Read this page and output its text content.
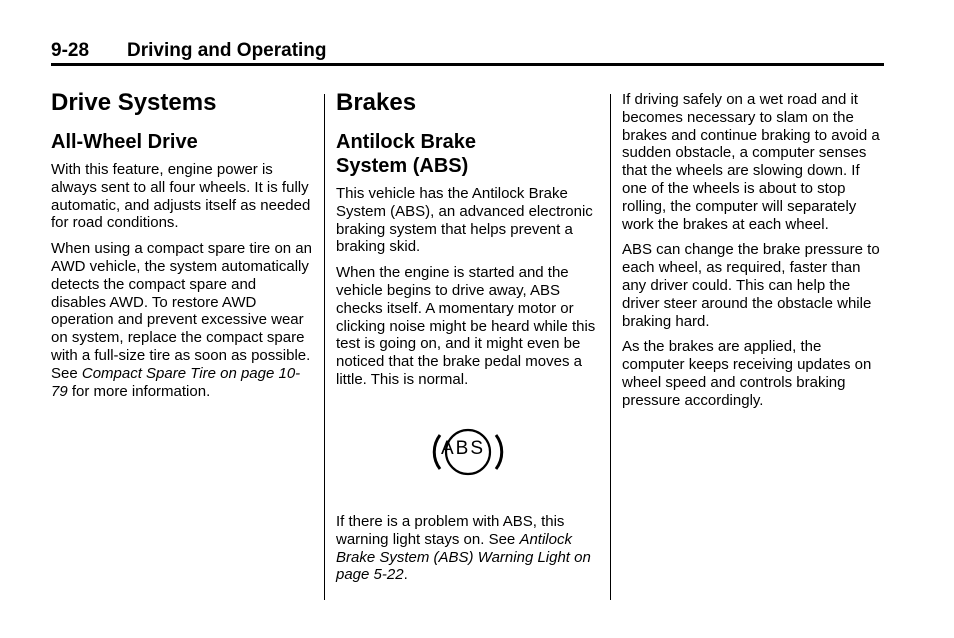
9-28 Driving and Operating
Drive Systems
All-Wheel Drive

With this feature, engine power is always sent to all four wheels. It is fully automatic, and adjusts itself as needed for road conditions.

When using a compact spare tire on an AWD vehicle, the system automatically detects the compact spare and disables AWD. To restore AWD operation and prevent excessive wear on system, replace the compact spare with a full-size tire as soon as possible. See Compact Spare Tire on page 10-79 for more information.

Brakes
Antilock Brake System (ABS)

This vehicle has the Antilock Brake System (ABS), an advanced electronic braking system that helps prevent a braking skid.

When the engine is started and the vehicle begins to drive away, ABS checks itself. A momentary motor or clicking noise might be heard while this test is going on, and it might even be noticed that the brake pedal moves a little. This is normal.

ABS

If there is a problem with ABS, this warning light stays on. See Antilock Brake System (ABS) Warning Light on page 5-22.

If driving safely on a wet road and it becomes necessary to slam on the brakes and continue braking to avoid a sudden obstacle, a computer senses that the wheels are slowing down. If one of the wheels is about to stop rolling, the computer will separately work the brakes at each wheel.

ABS can change the brake pressure to each wheel, as required, faster than any driver could. This can help the driver steer around the obstacle while braking hard.

As the brakes are applied, the computer keeps receiving updates on wheel speed and controls braking pressure accordingly.
